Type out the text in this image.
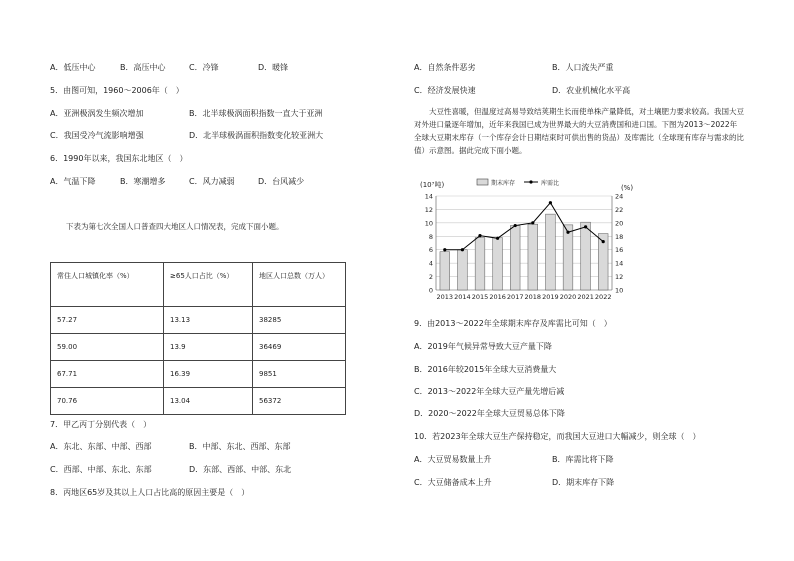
A．低压中心	B．高压中心	C．冷锋	D．暖锋
5．由图可知，1960～2006年（　）
A．亚洲极涡发生频次增加	B．北半球极涡面积指数一直大于亚洲
C．我国受冷气流影响增强	D．北半球极涡面积指数变化较亚洲大
6．1990年以来，我国东北地区（　）
A．气温下降	B．寒潮增多	C．风力减弱	D．台风减少
下表为第七次全国人口普查四大地区人口情况表，完成下面小题。
常住人口城镇化率（%）	≥65人口占比（%）	地区人口总数（万人）
57.27	13.13	38285
59.00	13.9	36469
67.71	16.39	9851
70.76	13.04	56372
7．甲乙丙丁分别代表（　）
A．东北、东部、中部、西部	B．中部、东北、西部、东部
C．西部、中部、东北、东部	D．东部、西部、中部、东北
8．丙地区65岁及其以上人口占比高的原因主要是（　）
A．自然条件恶劣	B．人口流失严重
C．经济发展快速	D．农业机械化水平高
大豆性喜暖，但温度过高易导致结荚期生长而使单株产量降低，对土壤肥力要求较高。我国大豆对外进口量逐年增加，近年来我国已成为世界最大的大豆消费国和进口国。下图为2013～2022年全球大豆期末库存（一个库存会计日期结束时可供出售的货品）及库需比（全球现有库存与需求的比值）示意图。据此完成下面小题。
(10⁷吨)	(%)
期末库存	库需比
0
2
4
6
8
10
12
14
10
12
14
16
18
20
22
24
2013 2014 2015 2016 2017 2018 2019 2020 2021 2022
9．由2013～2022年全球期末库存及库需比可知（　）
A．2019年气候异常导致大豆产量下降
B．2016年较2015年全球大豆消费量大
C．2013～2022年全球大豆产量先增后减
D．2020～2022年全球大豆贸易总体下降
10．若2023年全球大豆生产保持稳定，而我国大豆进口大幅减少，则全球（　）
A．大豆贸易数量上升	B．库需比将下降
C．大豆储备成本上升	D．期末库存下降
